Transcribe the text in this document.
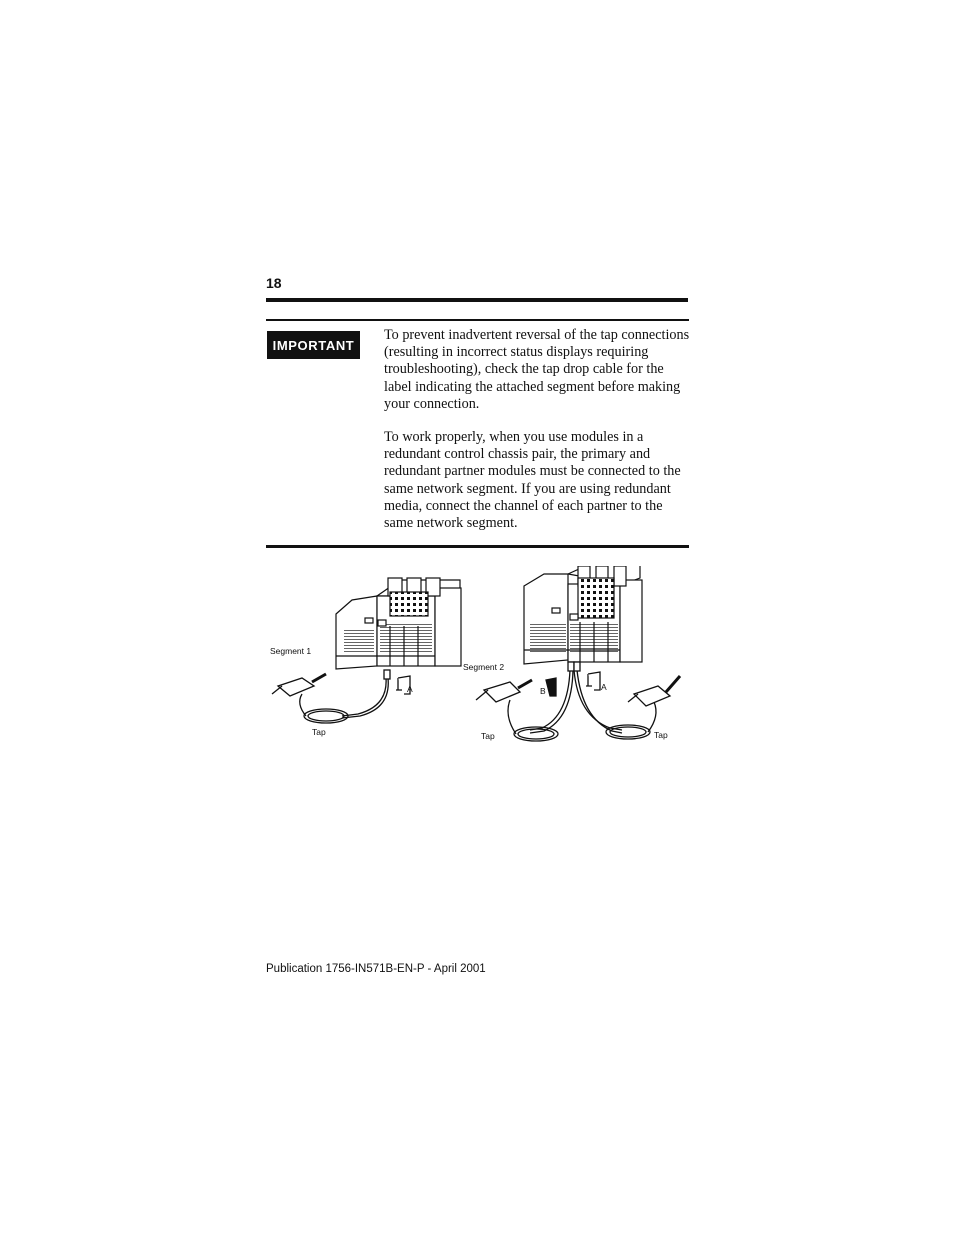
18
IMPORTANT

To prevent inadvertent reversal of the tap connections (resulting in incorrect status displays requiring troubleshooting), check the tap drop cable for the label indicating the attached segment before making your connection.

To work properly, when you use modules in a redundant control chassis pair, the primary and redundant partner modules must be connected to the same network segment. If you are using redundant media, connect the channel of each partner to the same network segment.

Segment 1
Tap
A
Segment 2
Tap	Tap
A
B
Publication 1756-IN571B-EN-P - April 2001
